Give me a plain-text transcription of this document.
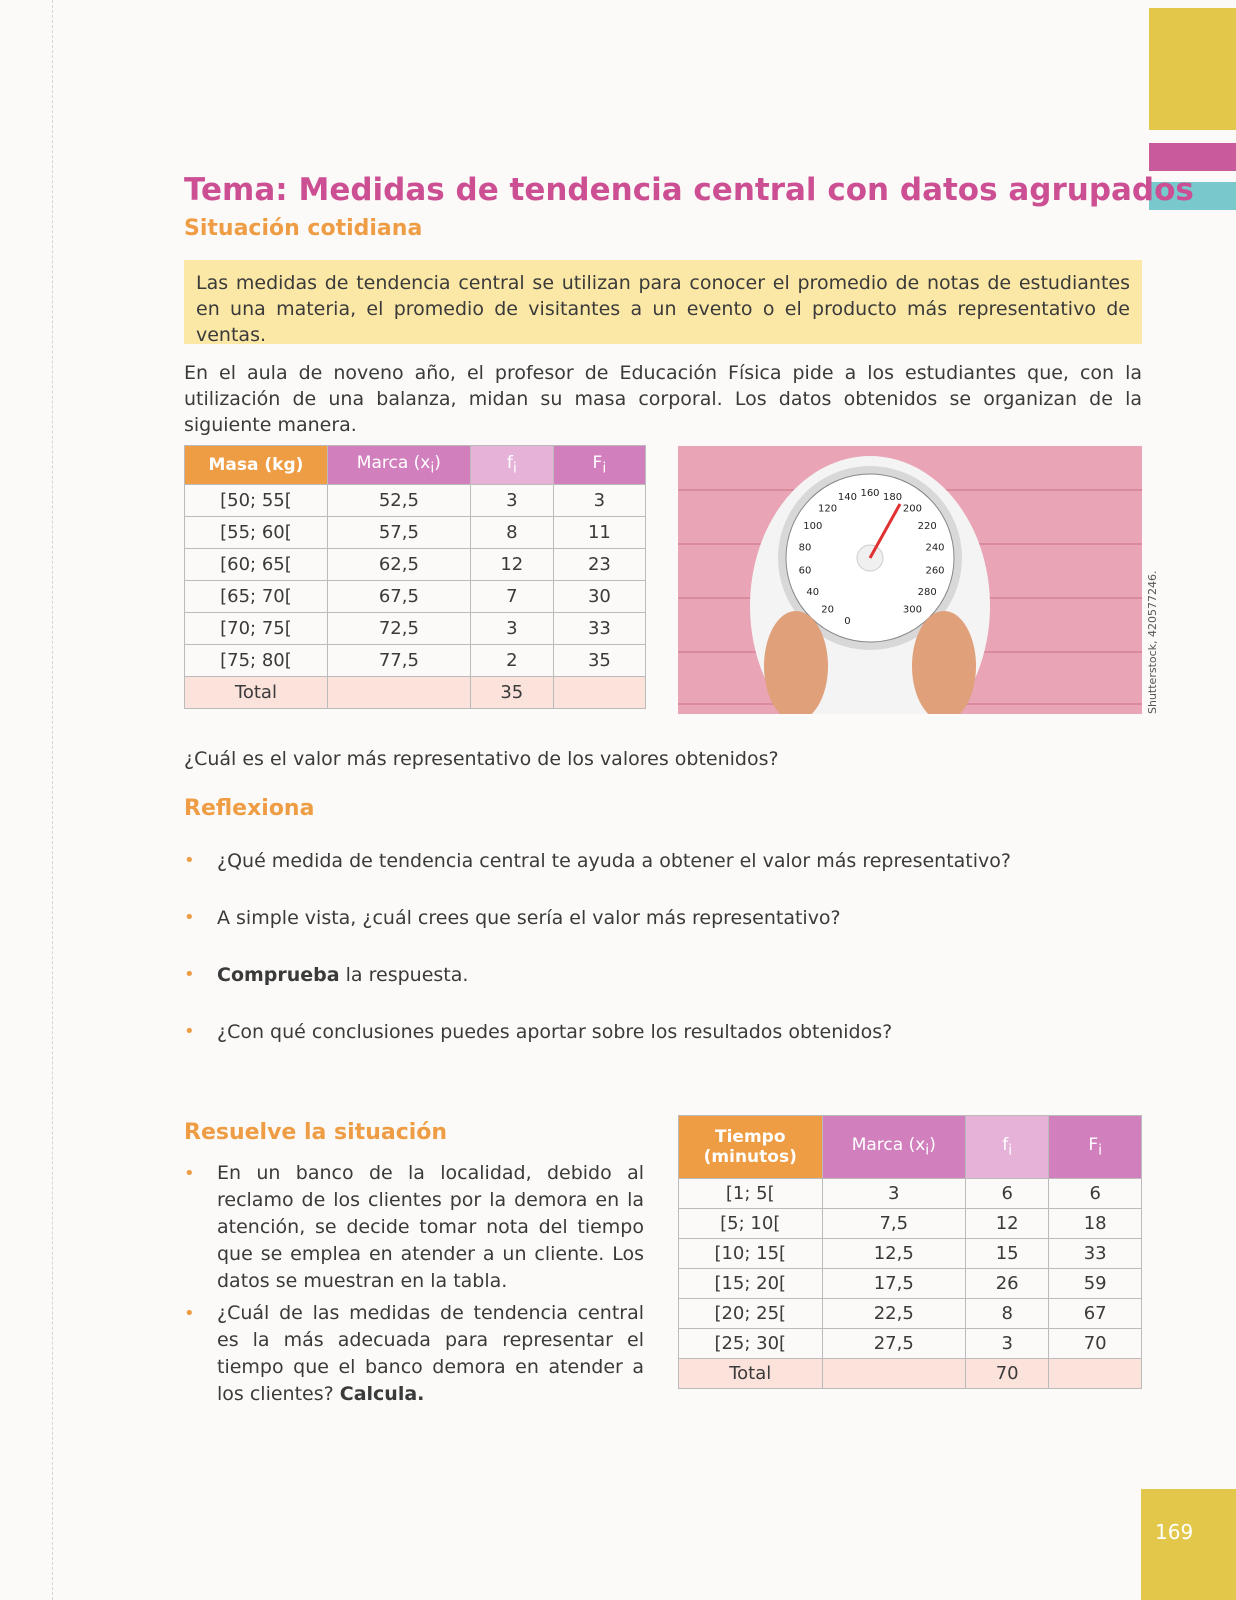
Tema: Medidas de tendencia central con datos agrupados
Situación cotidiana
Las medidas de tendencia central se utilizan para conocer el promedio de notas de estudiantes en una materia, el promedio de visitantes a un evento o el producto más representativo de ventas.
En el aula de noveno año, el profesor de Educación Física pide a los estudiantes que, con la utilización de una balanza, midan su masa corporal. Los datos obtenidos se organizan de la siguiente manera.
Masa (kg)	Marca $(x_i)$	$f_i$	$F_i$
[50; 55[	52,5	3	3
[55; 60[	57,5	8	11
[60; 65[	62,5	12	23
[65; 70[	67,5	7	30
[70; 75[	72,5	3	33
[75; 80[	77,5	2	35
Total		35	
0
20
40
60
80
100
120
140 160 180
200
220
240
260
280
300	Shutterstock, 420577246.
¿Cuál es el valor más representativo de los valores obtenidos?
Reflexiona
• ¿Qué medida de tendencia central te ayuda a obtener el valor más representativo?
• A simple vista, ¿cuál crees que sería el valor más representativo?
• Comprueba la respuesta.
• ¿Con qué conclusiones puedes aportar sobre los resultados obtenidos?
Resuelve la situación
• En un banco de la localidad, debido al reclamo de los clientes por la demora en la atención, se decide tomar nota del tiempo que se emplea en atender a un cliente. Los datos se muestran en la tabla.
• ¿Cuál de las medidas de tendencia central es la más adecuada para representar el tiempo que el banco demora en atender a los clientes? Calcula.
Tiempo (minutos)	Marca $(x_i)$	$f_i$	$F_i$
[1; 5[	3	6	6
[5; 10[	7,5	12	18
[10; 15[	12,5	15	33
[15; 20[	17,5	26	59
[20; 25[	22,5	8	67
[25; 30[	27,5	3	70
Total		70	
169
